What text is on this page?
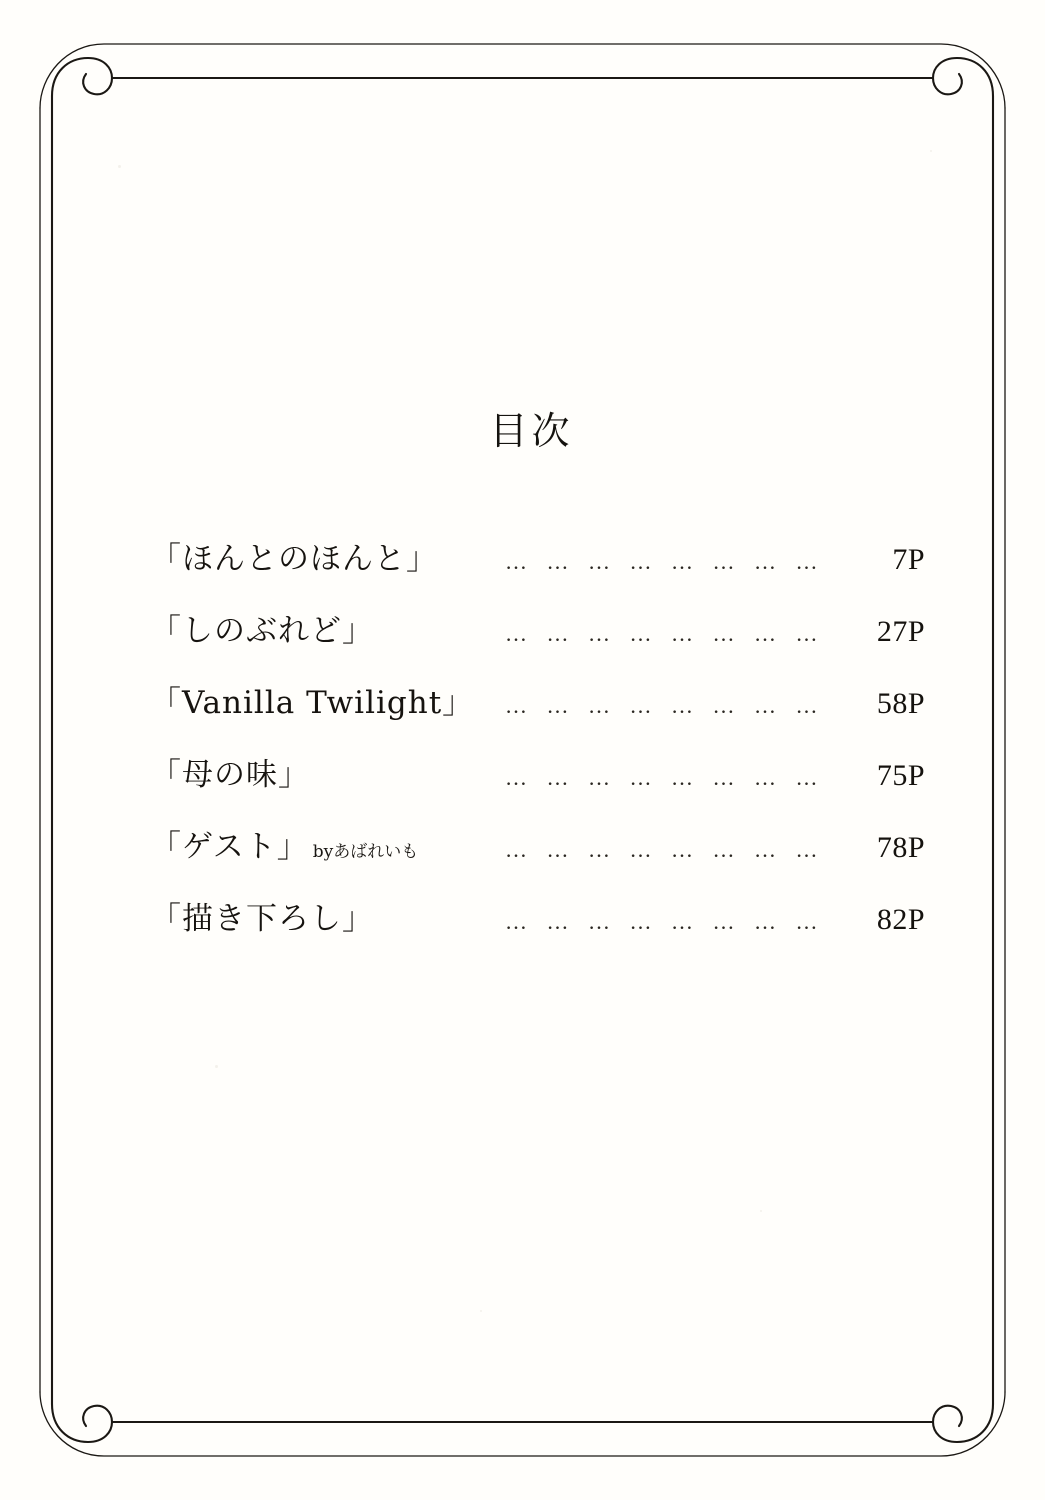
目次
「ほんとのほんと」	… … … … … … … …	7P
「しのぶれど」	… … … … … … … …	27P
「Vanilla Twilight」	… … … … … … … …	58P
「母の味」	… … … … … … … …	75P
「ゲスト」 byあばれいも	… … … … … … … …	78P
「描き下ろし」	… … … … … … … …	82P
